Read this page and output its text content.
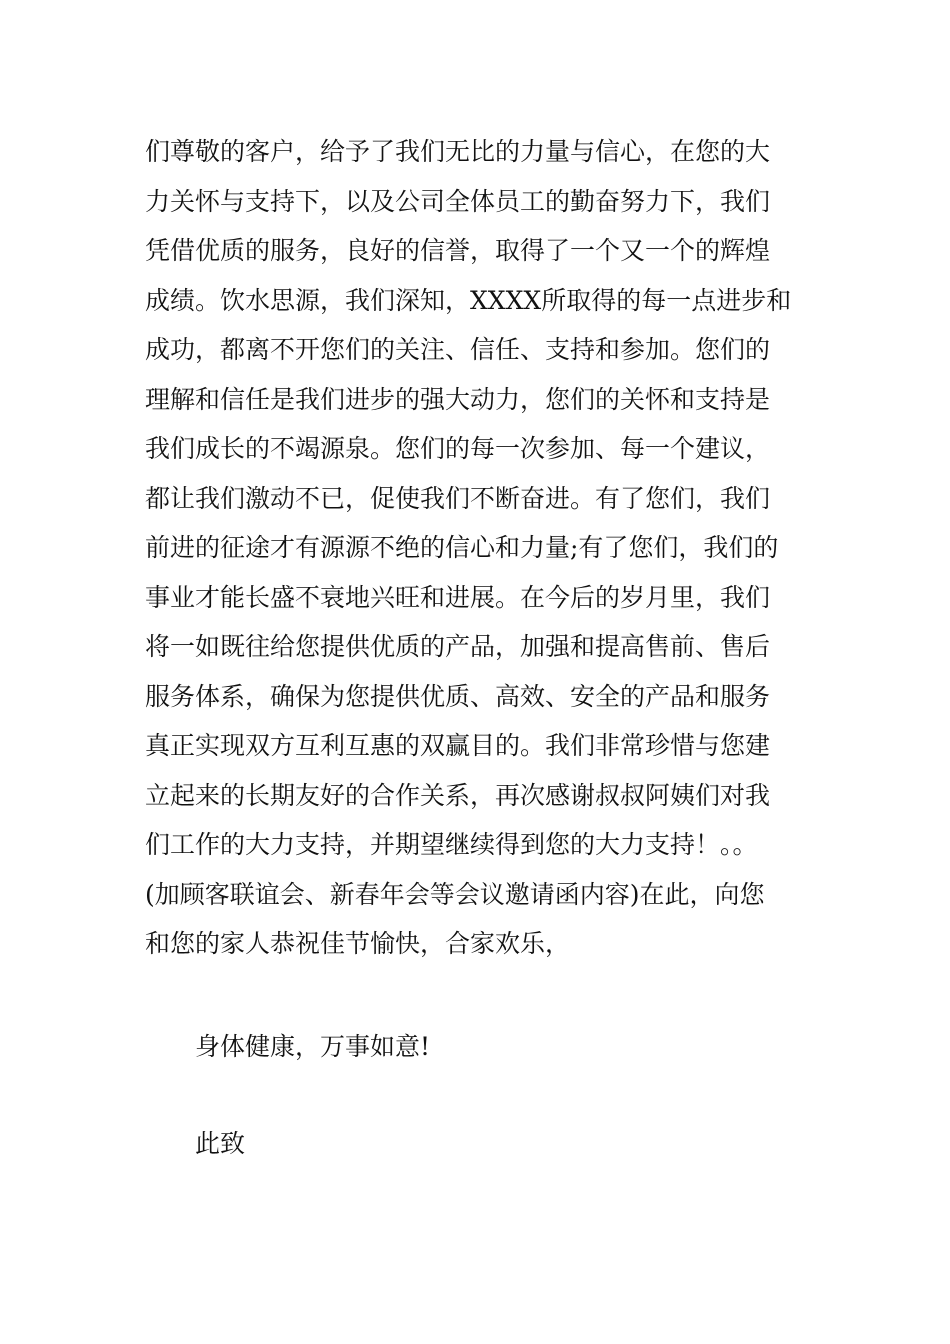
们尊敬的客户，给予了我们无比的力量与信心，在您的大
力关怀与支持下，以及公司全体员工的勤奋努力下，我们
凭借优质的服务，良好的信誉，取得了一个又一个的辉煌
成绩。饮水思源，我们深知，XXXX所取得的每一点进步和
成功，都离不开您们的关注、信任、支持和参加。您们的
理解和信任是我们进步的强大动力，您们的关怀和支持是
我们成长的不竭源泉。您们的每一次参加、每一个建议，
都让我们激动不已，促使我们不断奋进。有了您们，我们
前进的征途才有源源不绝的信心和力量;有了您们，我们的
事业才能长盛不衰地兴旺和进展。在今后的岁月里，我们
将一如既往给您提供优质的产品，加强和提高售前、售后
服务体系，确保为您提供优质、高效、安全的产品和服务
真正实现双方互利互惠的双赢目的。我们非常珍惜与您建
立起来的长期友好的合作关系，再次感谢叔叔阿姨们对我
们工作的大力支持，并期望继续得到您的大力支持！。。
(加顾客联谊会、新春年会等会议邀请函内容)在此，向您
和您的家人恭祝佳节愉快，合家欢乐，
身体健康，万事如意!
此致
